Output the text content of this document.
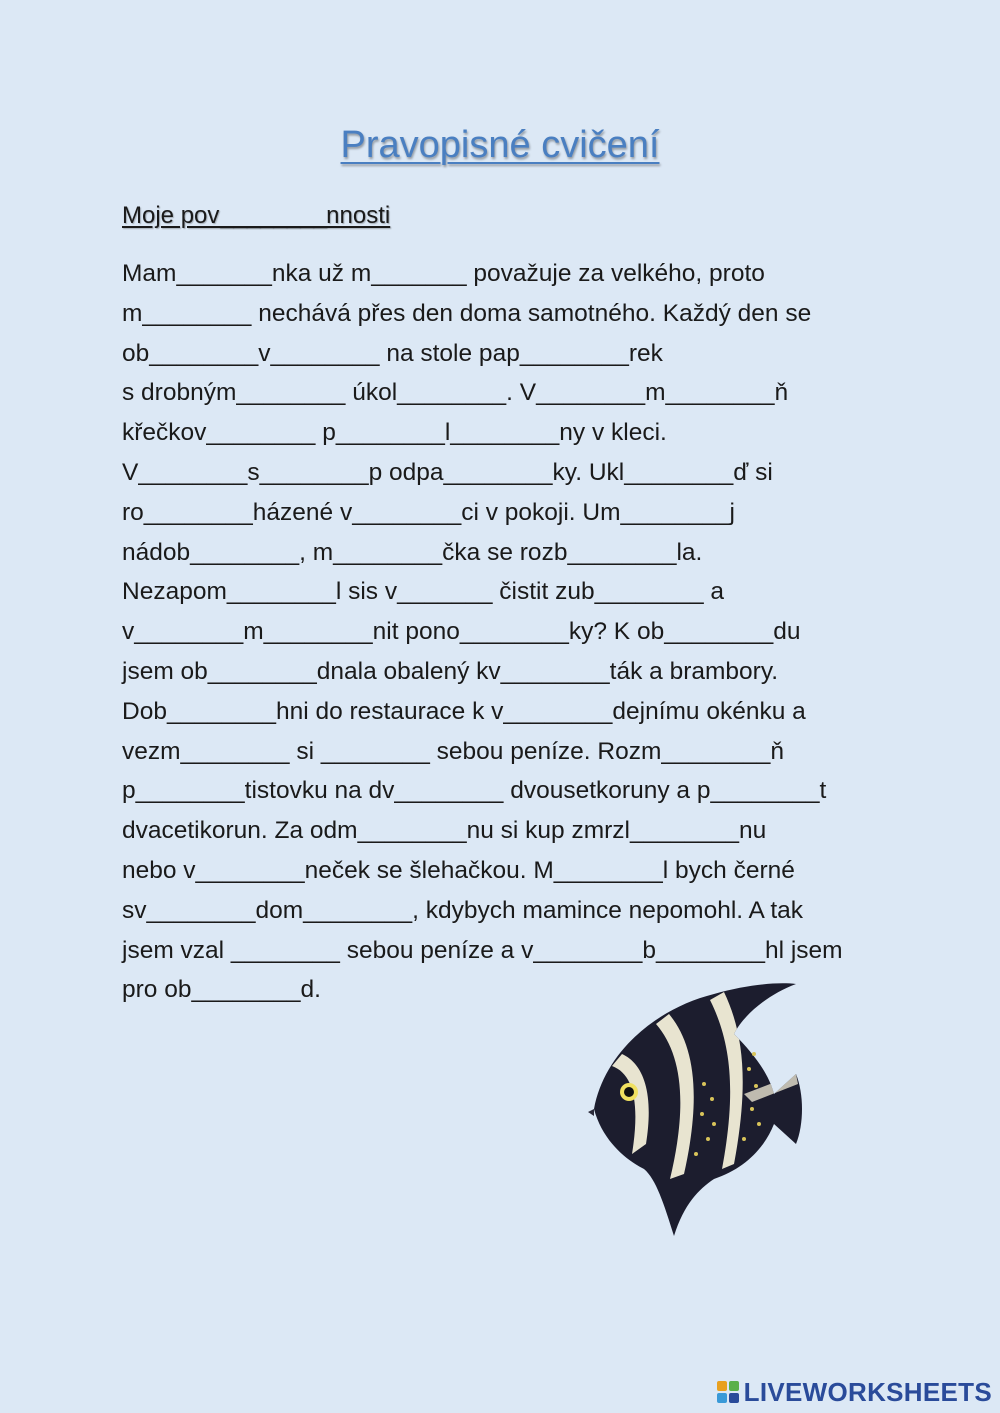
Pravopisné cvičení
Moje pov________nnosti
Mam_______nka už m_______ považuje za velkého, proto
m________ nechává přes den doma samotného. Každý den se
ob________v________ na stole pap________rek
s drobným________ úkol________. V________m________ň
křečkov________ p________l________ny v kleci.
V________s________p odpa________ky. Ukl________ď si
ro________házené v________ci v pokoji. Um________j
nádob________, m________čka se rozb________la.
Nezapom________l sis v_______ čistit zub________ a
v________m________nit pono________ky? K ob________du
jsem ob________dnala obalený kv________ták a brambory.
Dob________hni do restaurace k v________dejnímu okénku a
vezm________ si ________ sebou peníze. Rozm________ň
p________tistovku na dv________ dvousetkoruny a p________t
dvacetikorun. Za odm________nu si kup zmrzl________nu
nebo v________neček se šlehačkou. M________l bych černé
sv________dom________, kdybych mamince nepomohl. A tak
jsem vzal ________ sebou peníze a v________b________hl jsem
pro ob________d.
LIVEWORKSHEETS
